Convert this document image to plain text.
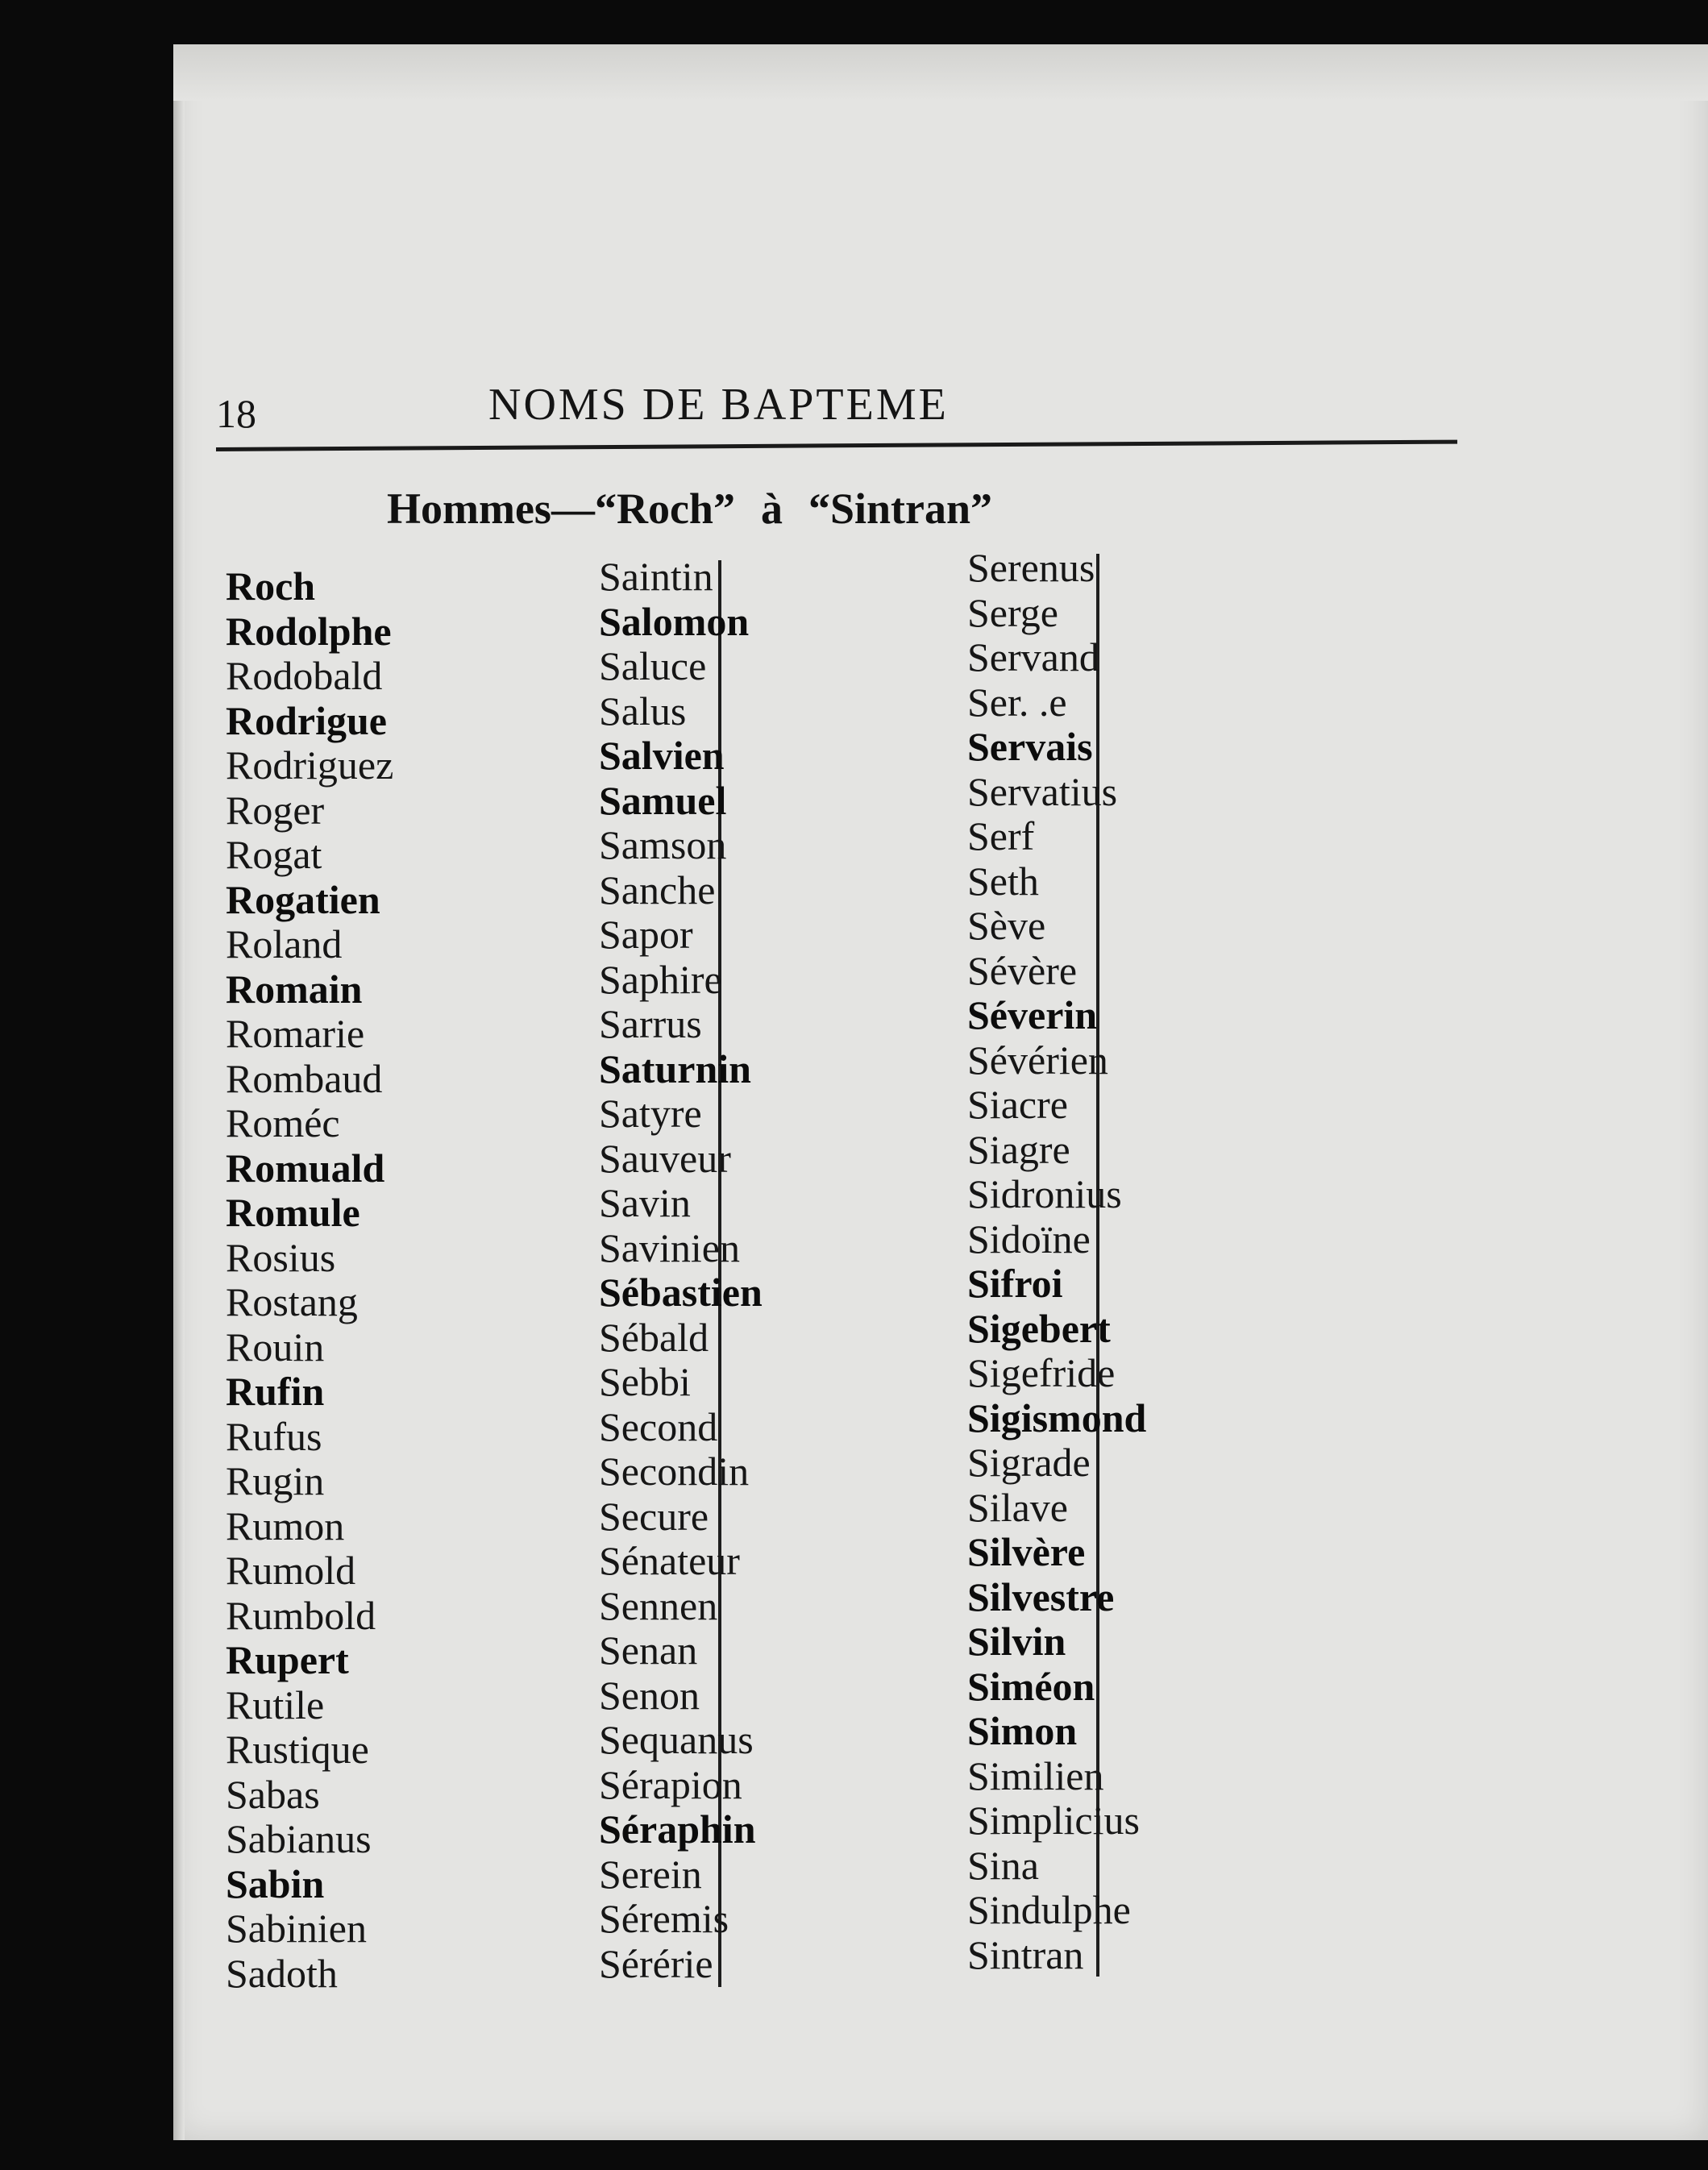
18	NOMS DE BAPTEME
Hommes—“Roch” à “Sintran”
Roch
Rodolphe
Rodobald
Rodrigue
Rodriguez
Roger
Rogat
Rogatien
Roland
Romain
Romarie
Rombaud
Roméc
Romuald
Romule
Rosius
Rostang
Rouin
Rufin
Rufus
Rugin
Rumon
Rumold
Rumbold
Rupert
Rutile
Rustique
Sabas
Sabianus
Sabin
Sabinien
Sadoth
Saintin
Salomon
Saluce
Salus
Salvien
Samuel
Samson
Sanche
Sapor
Saphire
Sarrus
Saturnin
Satyre
Sauveur
Savin
Savinien
Sébastien
Sébald
Sebbi
Second
Secondin
Secure
Sénateur
Sennen
Senan
Senon
Sequanus
Sérapion
Séraphin
Serein
Séremis
Sérérie
Serenus
Serge
Servand
Ser. .e
Servais
Servatius
Serf
Seth
Sève
Sévère
Séverin
Sévérien
Siacre
Siagre
Sidronius
Sidoïne
Sifroi
Sigebert
Sigefride
Sigismond
Sigrade
Silave
Silvère
Silvestre
Silvin
Siméon
Simon
Similien
Simplicius
Sina
Sindulphe
Sintran
